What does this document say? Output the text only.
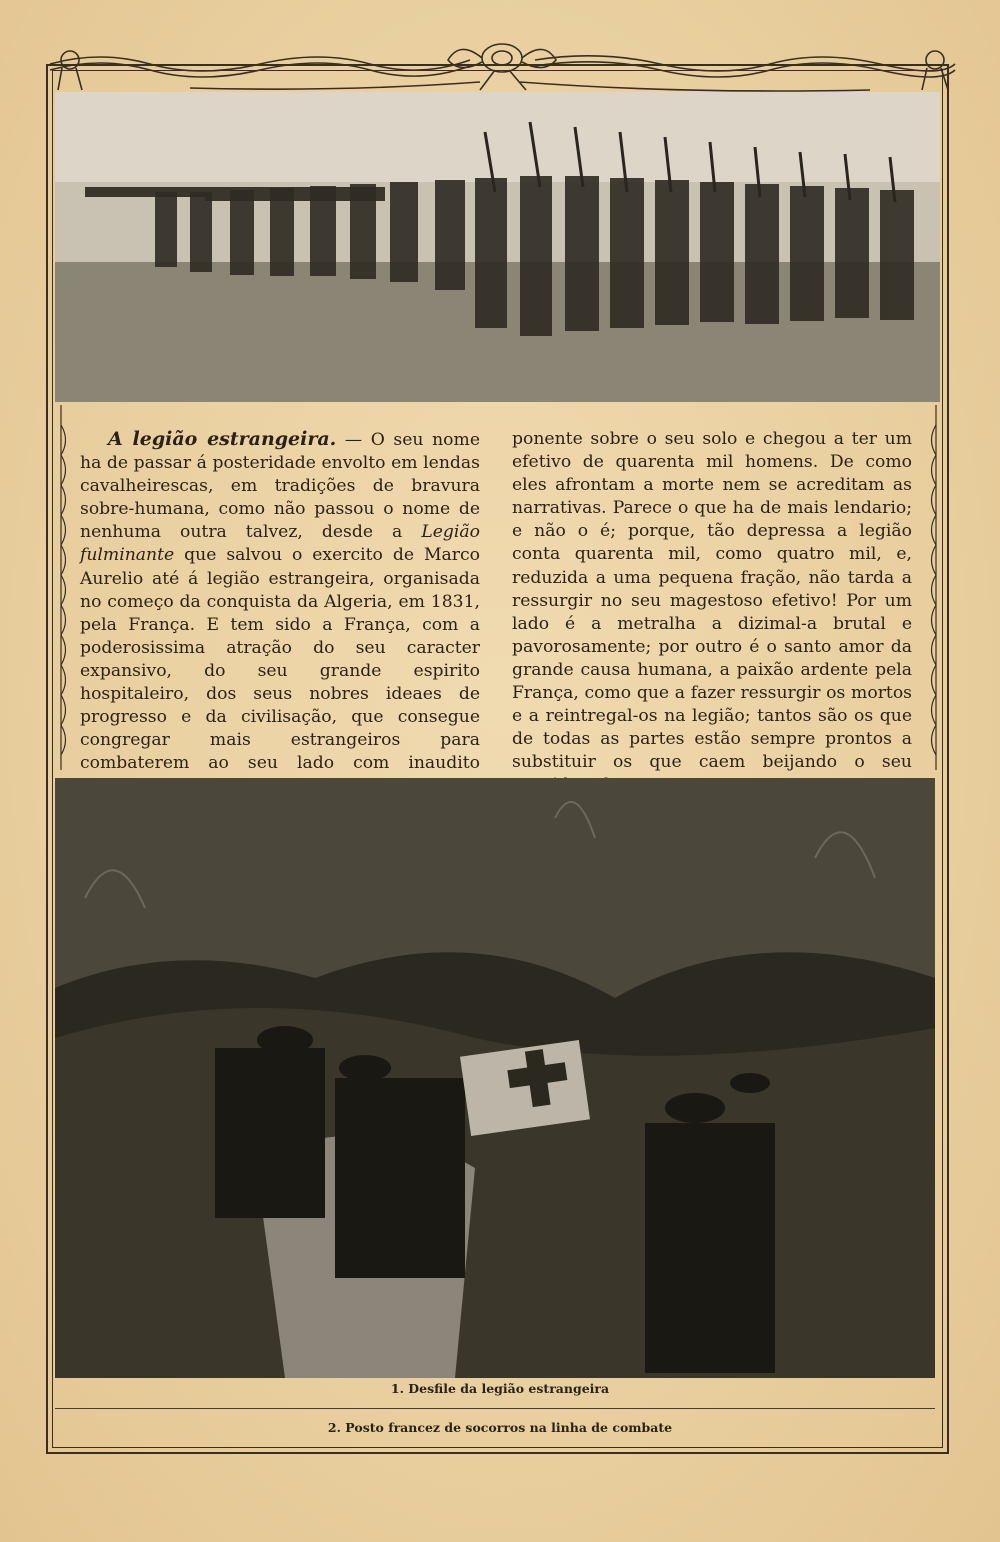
A legião estrangeira. — O seu nome ha de passar á posteridade envolto em lendas cavalheirescas, em tradições de bravura sobre-humana, como não passou o nome de nenhuma outra talvez, desde a Legião fulminante que salvou o exercito de Marco Aurelio até á legião estrangeira, organisada no começo da conquista da Algeria, em 1831, pela França. E tem sido a França, com a poderosissima atração do seu caracter expansivo, do seu grande espirito hospitaleiro, dos seus nobres ideaes de progresso e da civilisação, que consegue congregar mais estrangeiros para combaterem ao seu lado com inaudito

ponente sobre o seu solo e chegou a ter um efetivo de quarenta mil homens. De como eles afrontam a morte nem se acreditam as narrativas. Parece o que ha de mais lendario; e não o é; porque, tão depressa a legião conta quarenta mil, como quatro mil, e, reduzida a uma pequena fração, não tarda a ressurgir no seu magestoso efetivo! Por um lado é a metralha a dizimal-a brutal e pavorosamente; por outro é o santo amor da grande causa humana, a paixão ardente pela França, como que a fazer ressurgir os mortos e a reintregal-os na legião; tantos são os que de todas as partes estão sempre prontos a substituir os que caem beijando o seu

1. Desfile da legião estrangeira
2. Posto francez de socorros na linha de combate
